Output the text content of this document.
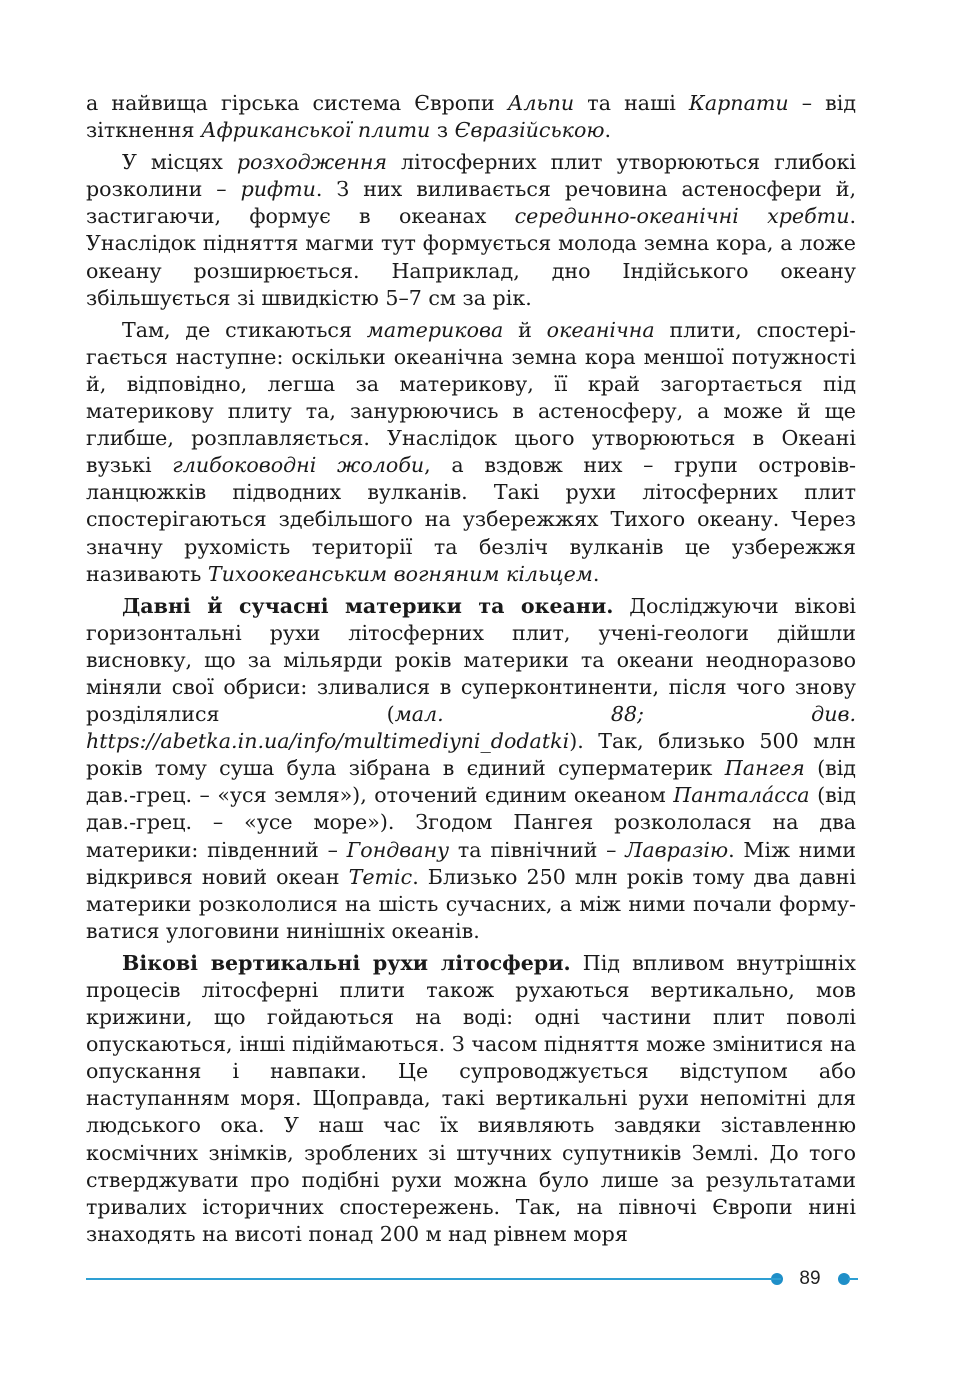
а найвища гірська система Європи Альпи та наші Карпати – від зіткнення Африканської плити з Євразійською.

У місцях розходження літосферних плит утворюються глибокі розколини – рифти. З них виливається речовина астеносфери й, застигаючи, формує в океанах серединно-океанічні хребти. Унаслідок підняття магми тут формується молода земна кора, а ложе океану розширюється. Наприклад, дно Індійського океану збільшується зі швидкістю 5–7 см за рік.

Там, де стикаються материкова й океанічна плити, спостерігається наступне: оскільки океанічна земна кора меншої потужності й, відповідно, легша за материкову, її край загортається під материкову плиту та, занурюючись в астеносферу, а може й ще глибше, розплавляється. Унаслідок цього утворюються в Океані вузькі глибоководні жолоби, а вздовж них – групи островів-ланцюжків підводних вулканів. Такі рухи літосферних плит спостерігаються здебільшого на узбережжях Тихого океану. Через значну рухомість території та безліч вулканів це узбережжя називають Тихоокеанським вогняним кільцем.

Давні й сучасні материки та океани. Досліджуючи вікові горизонтальні рухи літосферних плит, учені-геологи дійшли висновку, що за мільярди років материки та океани неодноразово міняли свої обриси: зливалися в суперконтиненти, після чого знову розділялися (мал. 88; див. https://abetka.in.ua/info/multimediyni_dodatki). Так, близько 500 млн років тому суша була зібрана в єдиний суперматерик Пангея (від дав.-грец. – «уся земля»), оточений єдиним океаном Панталáсса (від дав.-грец. – «усе море»). Згодом Пангея розкололася на два материки: південний – Гондвану та північний – Лавразію. Між ними відкрився новий океан Тетіс. Близько 250 млн років тому два давні материки розкололися на шість сучасних, а між ними почали формуватися улоговини нинішніх океанів.

Вікові вертикальні рухи літосфери. Під впливом внутрішніх процесів літосферні плити також рухаються вертикально, мов крижини, що гойдаються на воді: одні частини плит поволі опускаються, інші підіймаються. З часом підняття може змінитися на опускання і навпаки. Це супроводжується відступом або наступанням моря. Щоправда, такі вертикальні рухи непомітні для людського ока. У наш час їх виявляють завдяки зіставленню космічних знімків, зроблених зі штучних супутників Землі. До того стверджувати про подібні рухи можна було лише за результатами тривалих історичних спостережень. Так, на півночі Європи нині знаходять на висоті понад 200 м над рівнем моря

89
